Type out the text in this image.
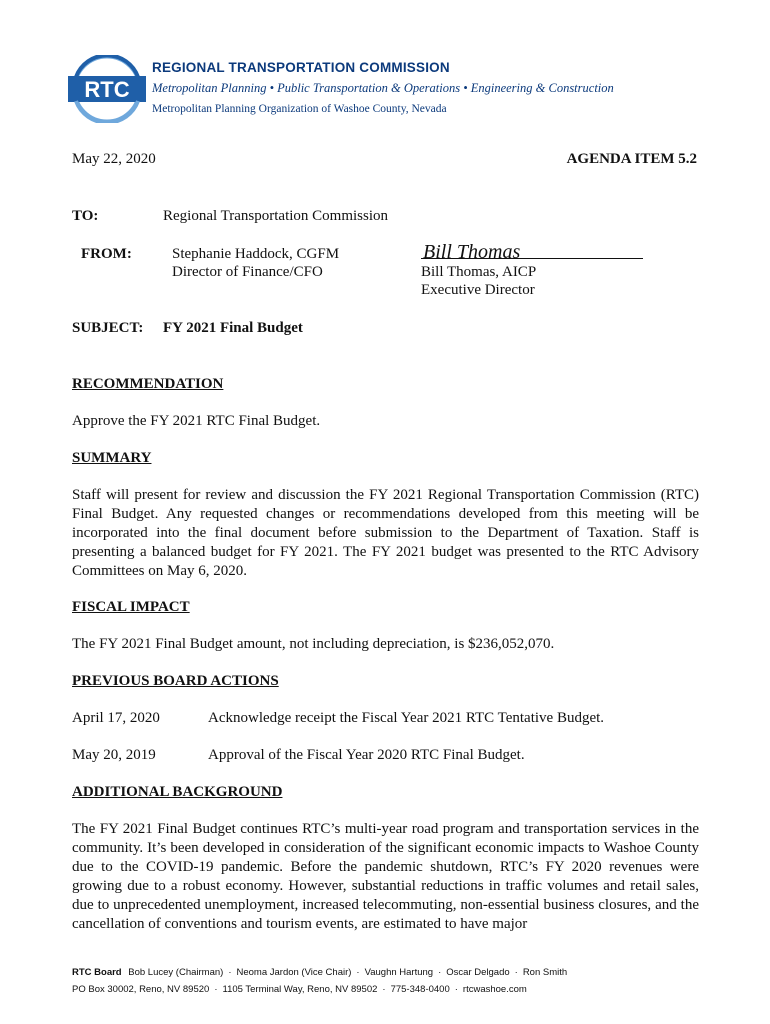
RTC
REGIONAL TRANSPORTATION COMMISSION
Metropolitan Planning • Public Transportation & Operations • Engineering & Construction
Metropolitan Planning Organization of Washoe County, Nevada
May 22, 2020	AGENDA ITEM 5.2
TO:	Regional Transportation Commission
FROM:	Stephanie Haddock, CGFM
Director of Finance/CFO
Bill Thomas
Bill Thomas, AICP
Executive Director
SUBJECT: FY 2021 Final Budget
RECOMMENDATION
Approve the FY 2021 RTC Final Budget.
SUMMARY
Staff will present for review and discussion the FY 2021 Regional Transportation Commission (RTC) Final Budget. Any requested changes or recommendations developed from this meeting will be incorporated into the final document before submission to the Department of Taxation. Staff is presenting a balanced budget for FY 2021. The FY 2021 budget was presented to the RTC Advisory Committees on May 6, 2020.
FISCAL IMPACT
The FY 2021 Final Budget amount, not including depreciation, is $236,052,070.
PREVIOUS BOARD ACTIONS
April 17, 2020	Acknowledge receipt the Fiscal Year 2021 RTC Tentative Budget.
May 20, 2019	Approval of the Fiscal Year 2020 RTC Final Budget.
ADDITIONAL BACKGROUND
The FY 2021 Final Budget continues RTC’s multi-year road program and transportation services in the community. It’s been developed in consideration of the significant economic impacts to Washoe County due to the COVID-19 pandemic. Before the pandemic shutdown, RTC’s FY 2020 revenues were growing due to a robust economy. However, substantial reductions in traffic volumes and retail sales, due to unprecedented unemployment, increased telecommuting, non-essential business closures, and the cancellation of conventions and tourism events, are estimated to have major
RTC Board Bob Lucey (Chairman) · Neoma Jardon (Vice Chair) · Vaughn Hartung · Oscar Delgado · Ron Smith
PO Box 30002, Reno, NV 89520 · 1105 Terminal Way, Reno, NV 89502 · 775-348-0400 · rtcwashoe.com
